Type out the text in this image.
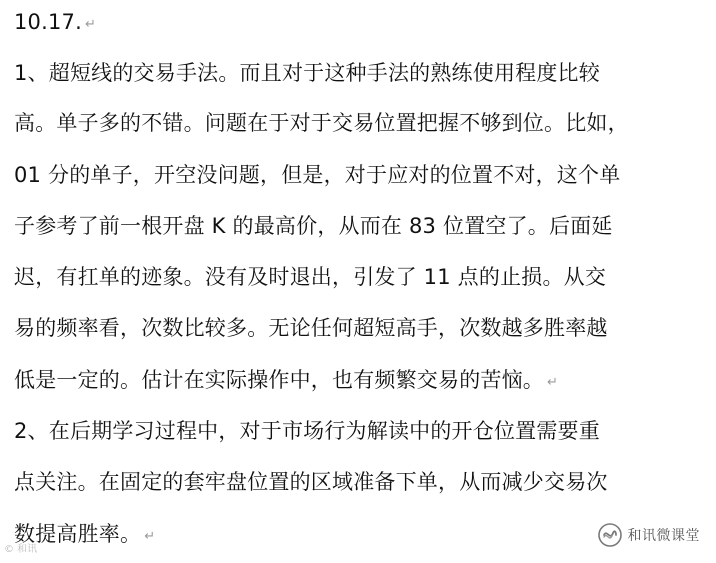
10.17. ↵
1、超短线的交易手法。而且对于这种手法的熟练使用程度比较
高。单子多的不错。问题在于对于交易位置把握不够到位。比如，
01 分的单子，开空没问题，但是，对于应对的位置不对，这个单
子参考了前一根开盘 K 的最高价，从而在 83 位置空了。后面延
迟，有扛单的迹象。没有及时退出，引发了 11 点的止损。从交
易的频率看，次数比较多。无论任何超短高手，次数越多胜率越
低是一定的。估计在实际操作中，也有频繁交易的苦恼。 ↵
2、在后期学习过程中，对于市场行为解读中的开仓位置需要重
点关注。在固定的套牢盘位置的区域准备下单，从而减少交易次
数提高胜率。 ↵
© 和讯
和讯微课堂
